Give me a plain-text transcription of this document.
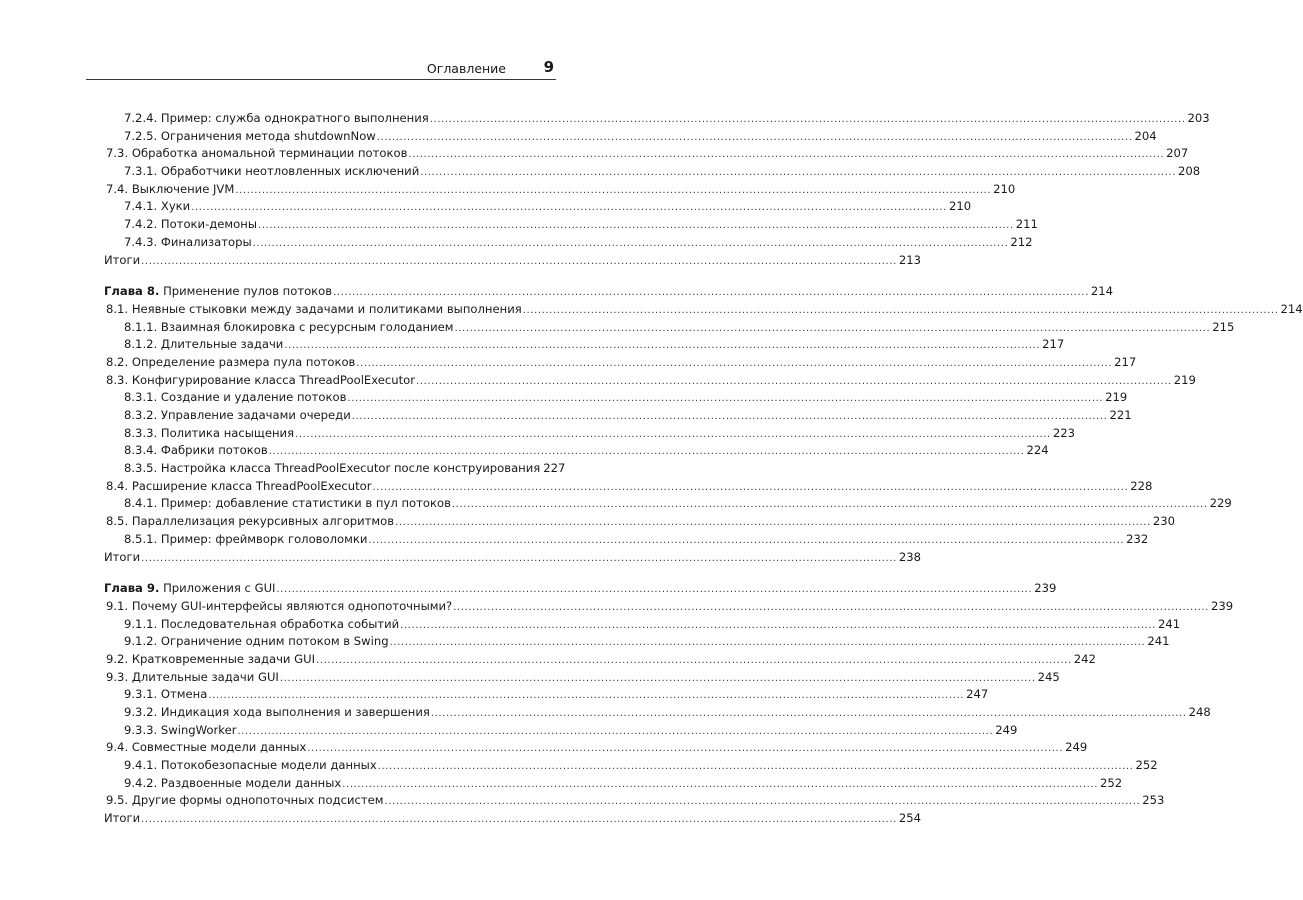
Оглавление	9
7.2.4. Пример: служба однократного выполнения ........................................................................................................................................................................................................ 203
7.2.5. Ограничения метода shutdownNow ........................................................................................................................................................................................................ 204
7.3. Обработка аномальной терминации потоков ........................................................................................................................................................................................................ 207
7.3.1. Обработчики неотловленных исключений ........................................................................................................................................................................................................ 208
7.4. Выключение JVM ........................................................................................................................................................................................................ 210
7.4.1. Хуки ........................................................................................................................................................................................................ 210
7.4.2. Потоки-демоны ........................................................................................................................................................................................................ 211
7.4.3. Финализаторы ........................................................................................................................................................................................................ 212
Итоги ........................................................................................................................................................................................................ 213
Глава 8. Применение пулов потоков ........................................................................................................................................................................................................ 214
8.1. Неявные стыковки между задачами и политиками выполнения ........................................................................................................................................................................................................ 214
8.1.1. Взаимная блокировка с ресурсным голоданием ........................................................................................................................................................................................................ 215
8.1.2. Длительные задачи ........................................................................................................................................................................................................ 217
8.2. Определение размера пула потоков ........................................................................................................................................................................................................ 217
8.3. Конфигурирование класса ThreadPoolExecutor ........................................................................................................................................................................................................ 219
8.3.1. Создание и удаление потоков ........................................................................................................................................................................................................ 219
8.3.2. Управление задачами очереди ........................................................................................................................................................................................................ 221
8.3.3. Политика насыщения ........................................................................................................................................................................................................ 223
8.3.4. Фабрики потоков ........................................................................................................................................................................................................ 224
8.3.5. Настройка класса ThreadPoolExecutor после конструирования 227
8.4. Расширение класса ThreadPoolExecutor ........................................................................................................................................................................................................ 228
8.4.1. Пример: добавление статистики в пул потоков ........................................................................................................................................................................................................ 229
8.5. Параллелизация рекурсивных алгоритмов ........................................................................................................................................................................................................ 230
8.5.1. Пример: фреймворк головоломки ........................................................................................................................................................................................................ 232
Итоги ........................................................................................................................................................................................................ 238
Глава 9. Приложения с GUI ........................................................................................................................................................................................................ 239
9.1. Почему GUI-интерфейсы являются однопоточными? ........................................................................................................................................................................................................ 239
9.1.1. Последовательная обработка событий ........................................................................................................................................................................................................ 241
9.1.2. Ограничение одним потоком в Swing ........................................................................................................................................................................................................ 241
9.2. Кратковременные задачи GUI ........................................................................................................................................................................................................ 242
9.3. Длительные задачи GUI ........................................................................................................................................................................................................ 245
9.3.1. Отмена ........................................................................................................................................................................................................ 247
9.3.2. Индикация хода выполнения и завершения ........................................................................................................................................................................................................ 248
9.3.3. SwingWorker ........................................................................................................................................................................................................ 249
9.4. Совместные модели данных ........................................................................................................................................................................................................ 249
9.4.1. Потокобезопасные модели данных ........................................................................................................................................................................................................ 252
9.4.2. Раздвоенные модели данных ........................................................................................................................................................................................................ 252
9.5. Другие формы однопоточных подсистем ........................................................................................................................................................................................................ 253
Итоги ........................................................................................................................................................................................................ 254
